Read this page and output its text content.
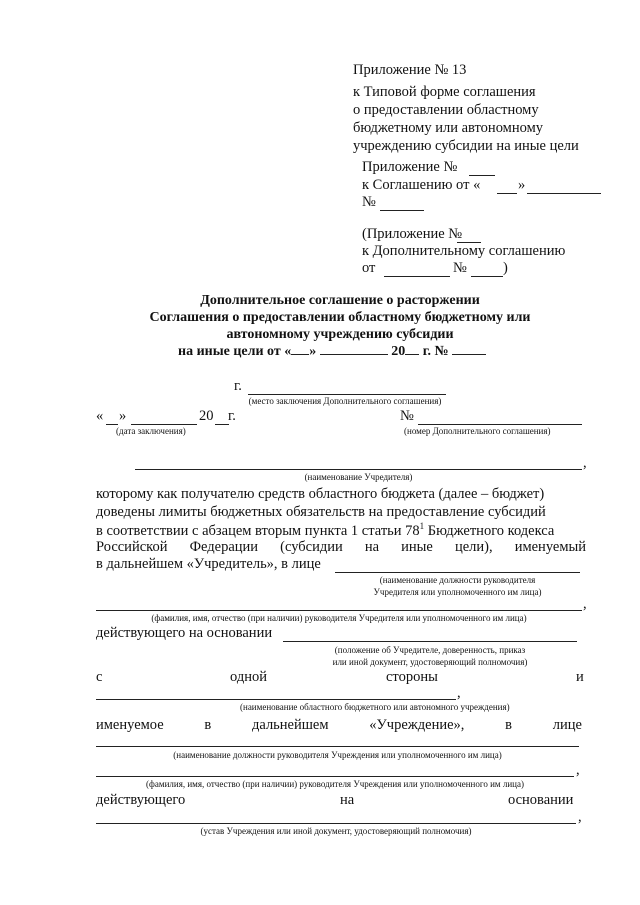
Приложение № 13
к Типовой форме соглашения
о предоставлении областному
бюджетному или автономному
учреждению субсидии на иные цели
Приложение №
к Соглашению от «	»
№
(Приложение №
к Дополнительному соглашению
от	№ )
Дополнительное соглашение о расторжении
Соглашения о предоставлении областному бюджетному или
автономному учреждению субсидии
на иные цели от « »	20 г. №
г.
(место заключения Дополнительного соглашения)
« »	20 г.	№
(дата заключения)	(номер Дополнительного соглашения)
,
(наименование Учредителя)
которому как получателю средств областного бюджета (далее – бюджет)
доведены лимиты бюджетных обязательств на предоставление субсидий
в соответствии с абзацем вторым пункта 1 статьи $78^1$ Бюджетного кодекса
Российской Федерации (субсидии на иные цели), именуемый
в дальнейшем «Учредитель», в лице
(наименование должности руководителя
Учредителя или уполномоченного им лица)
,
(фамилия, имя, отчество (при наличии) руководителя Учредителя или уполномоченного им лица)
действующего на основании
(положение об Учредителе, доверенность, приказ
или иной документ, удостоверяющий полномочия)
с	одной	стороны	и
,
(наименование областного бюджетного или автономного учреждения)
именуемое	в	дальнейшем	«Учреждение»,	в	лице
(наименование должности руководителя Учреждения или уполномоченного им лица)
,
(фамилия, имя, отчество (при наличии) руководителя Учреждения или уполномоченного им лица)
действующего	на	основании
,
(устав Учреждения или иной документ, удостоверяющий полномочия)
